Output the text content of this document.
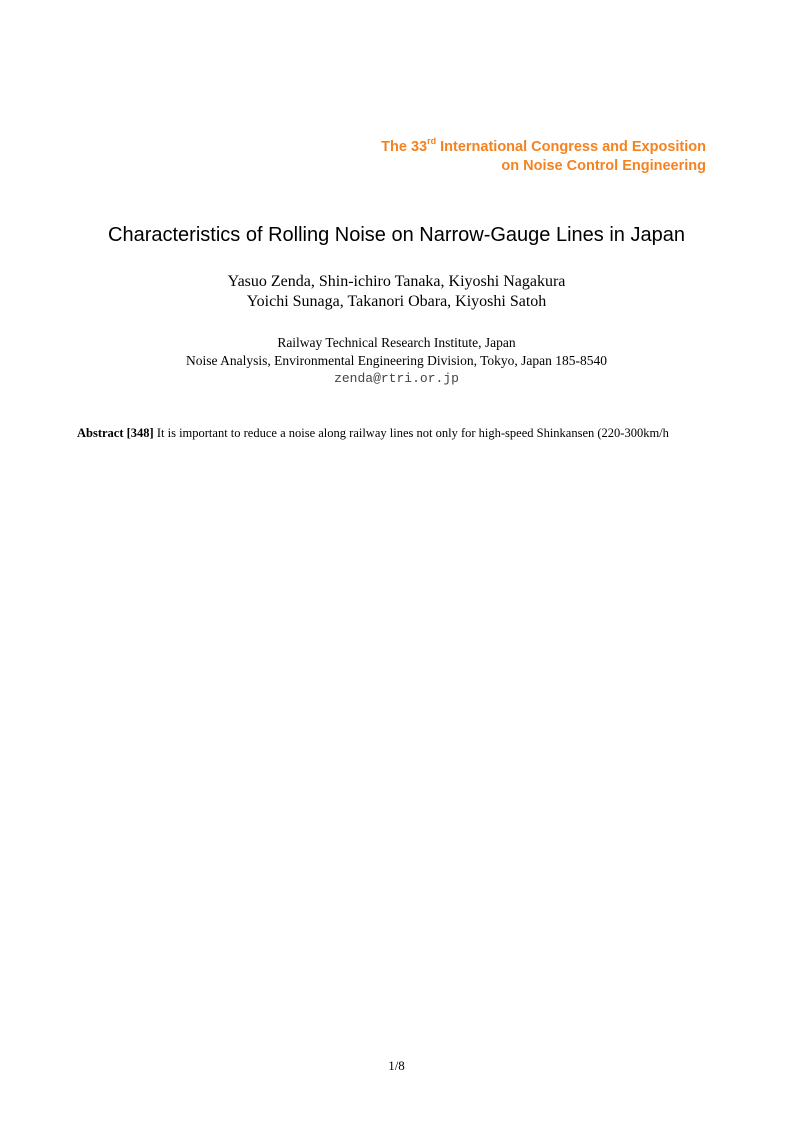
The 33rd International Congress and Exposition
on Noise Control Engineering
Characteristics of Rolling Noise on Narrow-Gauge Lines in Japan
Yasuo Zenda, Shin-ichiro Tanaka, Kiyoshi Nagakura
Yoichi Sunaga, Takanori Obara, Kiyoshi Satoh
Railway Technical Research Institute, Japan
Noise Analysis, Environmental Engineering Division, Tokyo, Japan 185-8540
zenda@rtri.or.jp
Abstract [348] It is important to reduce a noise along railway lines not only for high-speed Shinkansen (220-300km/h
1/8
